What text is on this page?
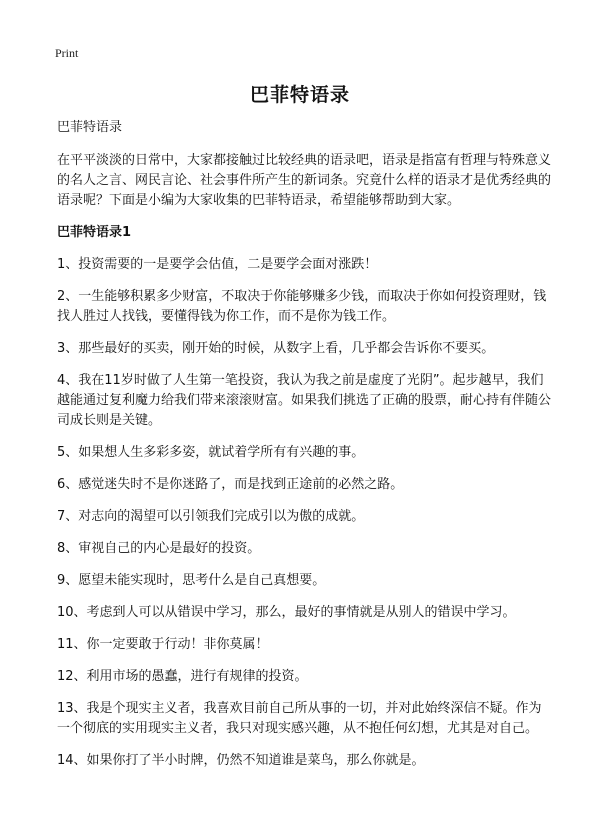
Print
巴菲特语录

巴菲特语录

在平平淡淡的日常中，大家都接触过比较经典的语录吧，语录是指富有哲理与特殊意义的名人之言、网民言论、社会事件所产生的新词条。究竟什么样的语录才是优秀经典的语录呢？下面是小编为大家收集的巴菲特语录，希望能够帮助到大家。

巴菲特语录1

1、投资需要的一是要学会估值，二是要学会面对涨跌！
2、一生能够积累多少财富，不取决于你能够赚多少钱，而取决于你如何投资理财，钱找人胜过人找钱，要懂得钱为你工作，而不是你为钱工作。
3、那些最好的买卖，刚开始的时候，从数字上看，几乎都会告诉你不要买。
4、我在11岁时做了人生第一笔投资，我认为我之前是虚度了光阴”。起步越早，我们越能通过复利魔力给我们带来滚滚财富。如果我们挑选了正确的股票，耐心持有伴随公司成长则是关键。
5、如果想人生多彩多姿，就试着学所有有兴趣的事。
6、感觉迷失时不是你迷路了，而是找到正途前的必然之路。
7、对志向的渴望可以引领我们完成引以为傲的成就。
8、审视自己的内心是最好的投资。
9、愿望未能实现时，思考什么是自己真想要。
10、考虑到人可以从错误中学习，那么，最好的事情就是从别人的错误中学习。
11、你一定要敢于行动！非你莫属！
12、利用市场的愚蠢，进行有规律的投资。
13、我是个现实主义者，我喜欢目前自己所从事的一切，并对此始终深信不疑。作为一个彻底的实用现实主义者，我只对现实感兴趣，从不抱任何幻想，尤其是对自己。
14、如果你打了半小时牌，仍然不知道谁是菜鸟，那么你就是。
